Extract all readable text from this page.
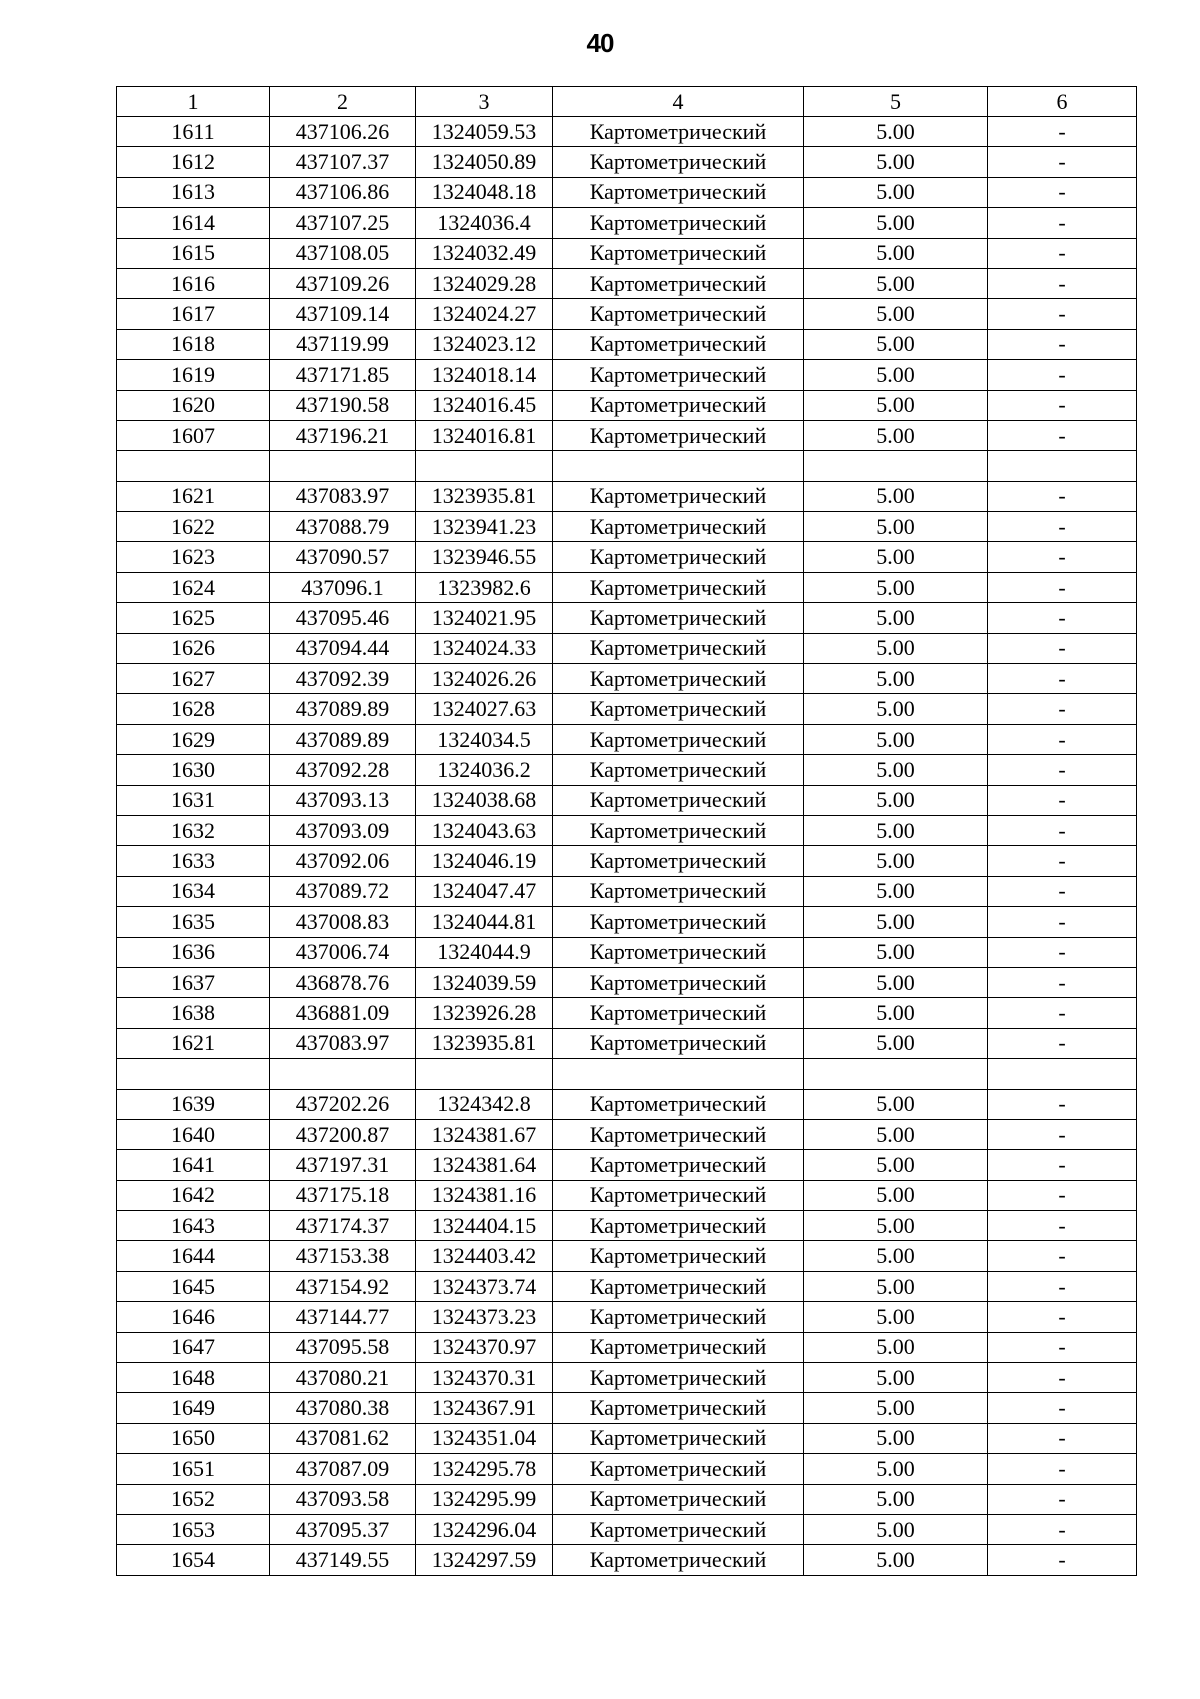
40
1	2	3	4	5	6
1611	437106.26	1324059.53	Картометрический	5.00	-
1612	437107.37	1324050.89	Картометрический	5.00	-
1613	437106.86	1324048.18	Картометрический	5.00	-
1614	437107.25	1324036.4	Картометрический	5.00	-
1615	437108.05	1324032.49	Картометрический	5.00	-
1616	437109.26	1324029.28	Картометрический	5.00	-
1617	437109.14	1324024.27	Картометрический	5.00	-
1618	437119.99	1324023.12	Картометрический	5.00	-
1619	437171.85	1324018.14	Картометрический	5.00	-
1620	437190.58	1324016.45	Картометрический	5.00	-
1607	437196.21	1324016.81	Картометрический	5.00	-

1621	437083.97	1323935.81	Картометрический	5.00	-
1622	437088.79	1323941.23	Картометрический	5.00	-
1623	437090.57	1323946.55	Картометрический	5.00	-
1624	437096.1	1323982.6	Картометрический	5.00	-
1625	437095.46	1324021.95	Картометрический	5.00	-
1626	437094.44	1324024.33	Картометрический	5.00	-
1627	437092.39	1324026.26	Картометрический	5.00	-
1628	437089.89	1324027.63	Картометрический	5.00	-
1629	437089.89	1324034.5	Картометрический	5.00	-
1630	437092.28	1324036.2	Картометрический	5.00	-
1631	437093.13	1324038.68	Картометрический	5.00	-
1632	437093.09	1324043.63	Картометрический	5.00	-
1633	437092.06	1324046.19	Картометрический	5.00	-
1634	437089.72	1324047.47	Картометрический	5.00	-
1635	437008.83	1324044.81	Картометрический	5.00	-
1636	437006.74	1324044.9	Картометрический	5.00	-
1637	436878.76	1324039.59	Картометрический	5.00	-
1638	436881.09	1323926.28	Картометрический	5.00	-
1621	437083.97	1323935.81	Картометрический	5.00	-

1639	437202.26	1324342.8	Картометрический	5.00	-
1640	437200.87	1324381.67	Картометрический	5.00	-
1641	437197.31	1324381.64	Картометрический	5.00	-
1642	437175.18	1324381.16	Картометрический	5.00	-
1643	437174.37	1324404.15	Картометрический	5.00	-
1644	437153.38	1324403.42	Картометрический	5.00	-
1645	437154.92	1324373.74	Картометрический	5.00	-
1646	437144.77	1324373.23	Картометрический	5.00	-
1647	437095.58	1324370.97	Картометрический	5.00	-
1648	437080.21	1324370.31	Картометрический	5.00	-
1649	437080.38	1324367.91	Картометрический	5.00	-
1650	437081.62	1324351.04	Картометрический	5.00	-
1651	437087.09	1324295.78	Картометрический	5.00	-
1652	437093.58	1324295.99	Картометрический	5.00	-
1653	437095.37	1324296.04	Картометрический	5.00	-
1654	437149.55	1324297.59	Картометрический	5.00	-
